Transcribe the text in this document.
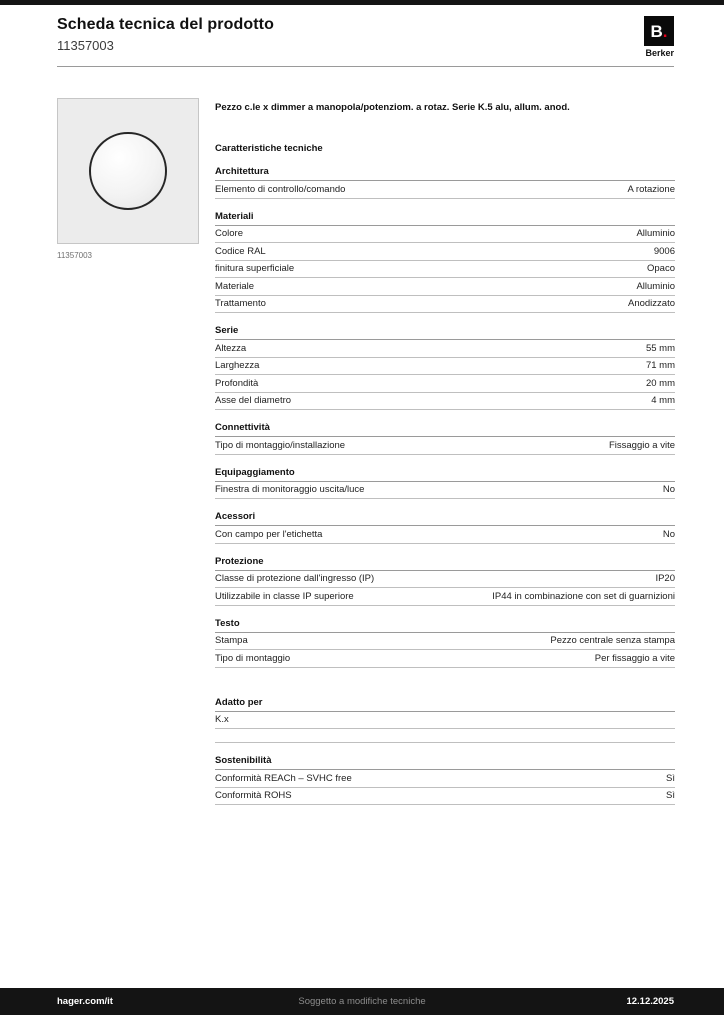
Scheda tecnica del prodotto
11357003
B .
Berker
11357003

Pezzo c.le x dimmer a manopola/potenziom. a rotaz. Serie K.5 alu, allum. anod.

Caratteristiche tecniche
Architettura
Elemento di controllo/comando	A rotazione
Materiali
Colore	Alluminio
Codice RAL	9006
finitura superficiale	Opaco
Materiale	Alluminio
Trattamento	Anodizzato
Serie
Altezza	55 mm
Larghezza	71 mm
Profondità	20 mm
Asse del diametro	4 mm
Connettività
Tipo di montaggio/installazione	Fissaggio a vite
Equipaggiamento
Finestra di monitoraggio uscita/luce	No
Acessori
Con campo per l'etichetta	No
Protezione
Classe di protezione dall'ingresso (IP)	IP20
Utilizzabile in classe IP superiore	IP44 in combinazione con set di guarnizioni
Testo
Stampa	Pezzo centrale senza stampa
Tipo di montaggio	Per fissaggio a vite
Adatto per
K.x
Sostenibilità
Conformità REACh – SVHC free	Sì
Conformità ROHS	Sì
Soggetto a modifiche tecniche
hager.com/it	12.12.2025
